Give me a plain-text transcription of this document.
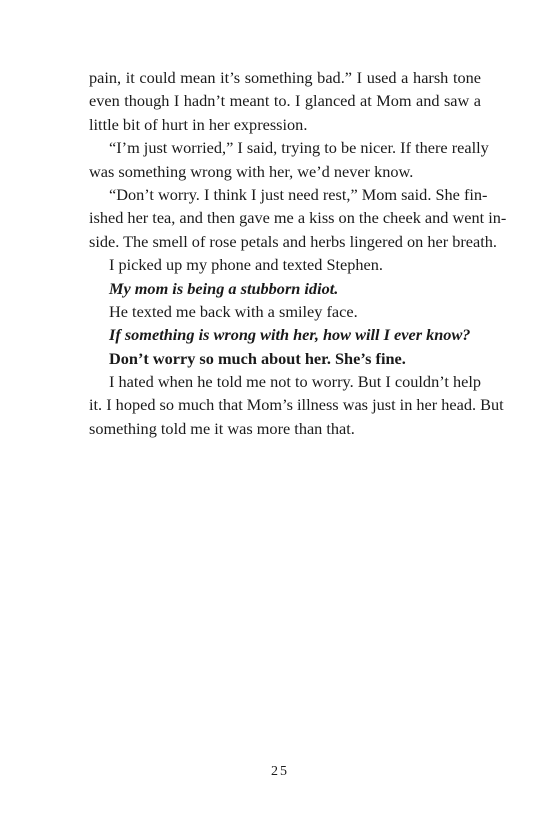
pain, it could mean it’s something bad.” I used a harsh tone
even though I hadn’t meant to. I glanced at Mom and saw a
little bit of hurt in her expression.
“I’m just worried,” I said, trying to be nicer. If there really
was something wrong with her, we’d never know.
“Don’t worry. I think I just need rest,” Mom said. She fin-
ished her tea, and then gave me a kiss on the cheek and went in-
side. The smell of rose petals and herbs lingered on her breath.
I picked up my phone and texted Stephen.
My mom is being a stubborn idiot.
He texted me back with a smiley face.
If something is wrong with her, how will I ever know?
Don’t worry so much about her. She’s fine.
I hated when he told me not to worry. But I couldn’t help
it. I hoped so much that Mom’s illness was just in her head. But
something told me it was more than that.
25
